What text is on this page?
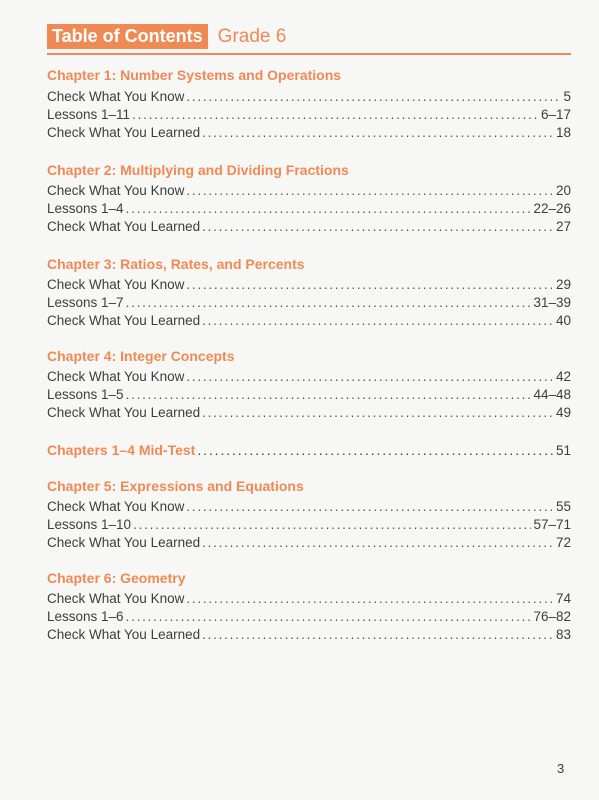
Table of Contents Grade 6
Chapter 1: Number Systems and Operations
Check What You Know . . .	5
Lessons 1–11 . . .	6–17
Check What You Learned . . .	18
Chapter 2: Multiplying and Dividing Fractions
Check What You Know . . .	20
Lessons 1–4 . . .	22–26
Check What You Learned . . .	27
Chapter 3: Ratios, Rates, and Percents
Check What You Know . . .	29
Lessons 1–7 . . .	31–39
Check What You Learned . . .	40
Chapter 4: Integer Concepts
Check What You Know . . .	42
Lessons 1–5 . . .	44–48
Check What You Learned . . .	49
Chapters 1–4 Mid-Test . . .	51
Chapter 5: Expressions and Equations
Check What You Know . . .	55
Lessons 1–10 . . .	57–71
Check What You Learned . . .	72
Chapter 6: Geometry
Check What You Know . . .	74
Lessons 1–6 . . .	76–82
Check What You Learned . . .	83
3
